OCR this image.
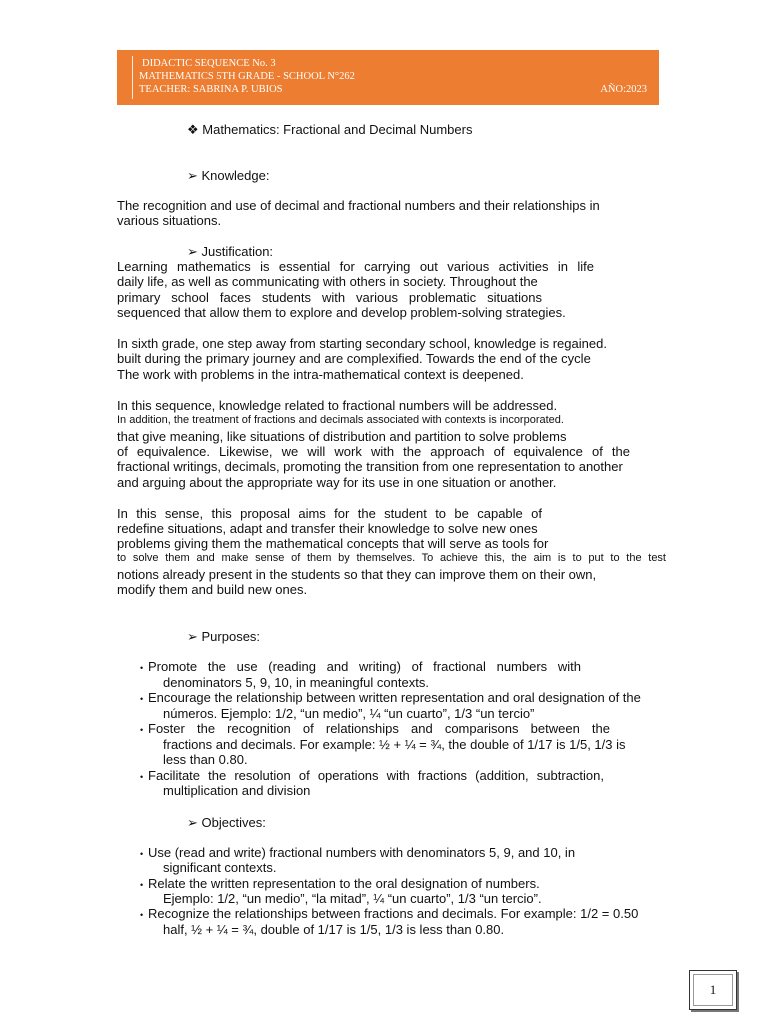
DIDACTIC SEQUENCE No. 3
MATHEMATICS 5TH GRADE - SCHOOL N°262
TEACHER: SABRINA P. UBIOS	AÑO:2023
❖ Mathematics: Fractional and Decimal Numbers
➢ Knowledge:
The recognition and use of decimal and fractional numbers and their relationships in
various situations.
➢ Justification:
Learning mathematics is essential for carrying out various activities in life
daily life, as well as communicating with others in society. Throughout the
primary school faces students with various problematic situations
sequenced that allow them to explore and develop problem-solving strategies.
In sixth grade, one step away from starting secondary school, knowledge is regained.
built during the primary journey and are complexified. Towards the end of the cycle
The work with problems in the intra-mathematical context is deepened.
In this sequence, knowledge related to fractional numbers will be addressed.
In addition, the treatment of fractions and decimals associated with contexts is incorporated.
that give meaning, like situations of distribution and partition to solve problems
of equivalence. Likewise, we will work with the approach of equivalence of the
fractional writings, decimals, promoting the transition from one representation to another
and arguing about the appropriate way for its use in one situation or another.
In this sense, this proposal aims for the student to be capable of
redefine situations, adapt and transfer their knowledge to solve new ones
problems giving them the mathematical concepts that will serve as tools for
to solve them and make sense of them by themselves. To achieve this, the aim is to put to the test
notions already present in the students so that they can improve them on their own,
modify them and build new ones.
➢ Purposes:
• Promote the use (reading and writing) of fractional numbers with
denominators 5, 9, 10, in meaningful contexts.
• Encourage the relationship between written representation and oral designation of the
números. Ejemplo: 1/2, “un medio”, ¼ “un cuarto”, 1/3 “un tercio”
• Foster the recognition of relationships and comparisons between the
fractions and decimals. For example: ½ + ¼ = ¾, the double of 1/17 is 1/5, 1/3 is
less than 0.80.
• Facilitate the resolution of operations with fractions (addition, subtraction,
multiplication and division
➢ Objectives:
• Use (read and write) fractional numbers with denominators 5, 9, and 10, in
significant contexts.
• Relate the written representation to the oral designation of numbers.
Ejemplo: 1/2, “un medio”, “la mitad”, ¼ “un cuarto”, 1/3 “un tercio”.
• Recognize the relationships between fractions and decimals. For example: 1/2 = 0.50
half, ½ + ¼ = ¾, double of 1/17 is 1/5, 1/3 is less than 0.80.
1
